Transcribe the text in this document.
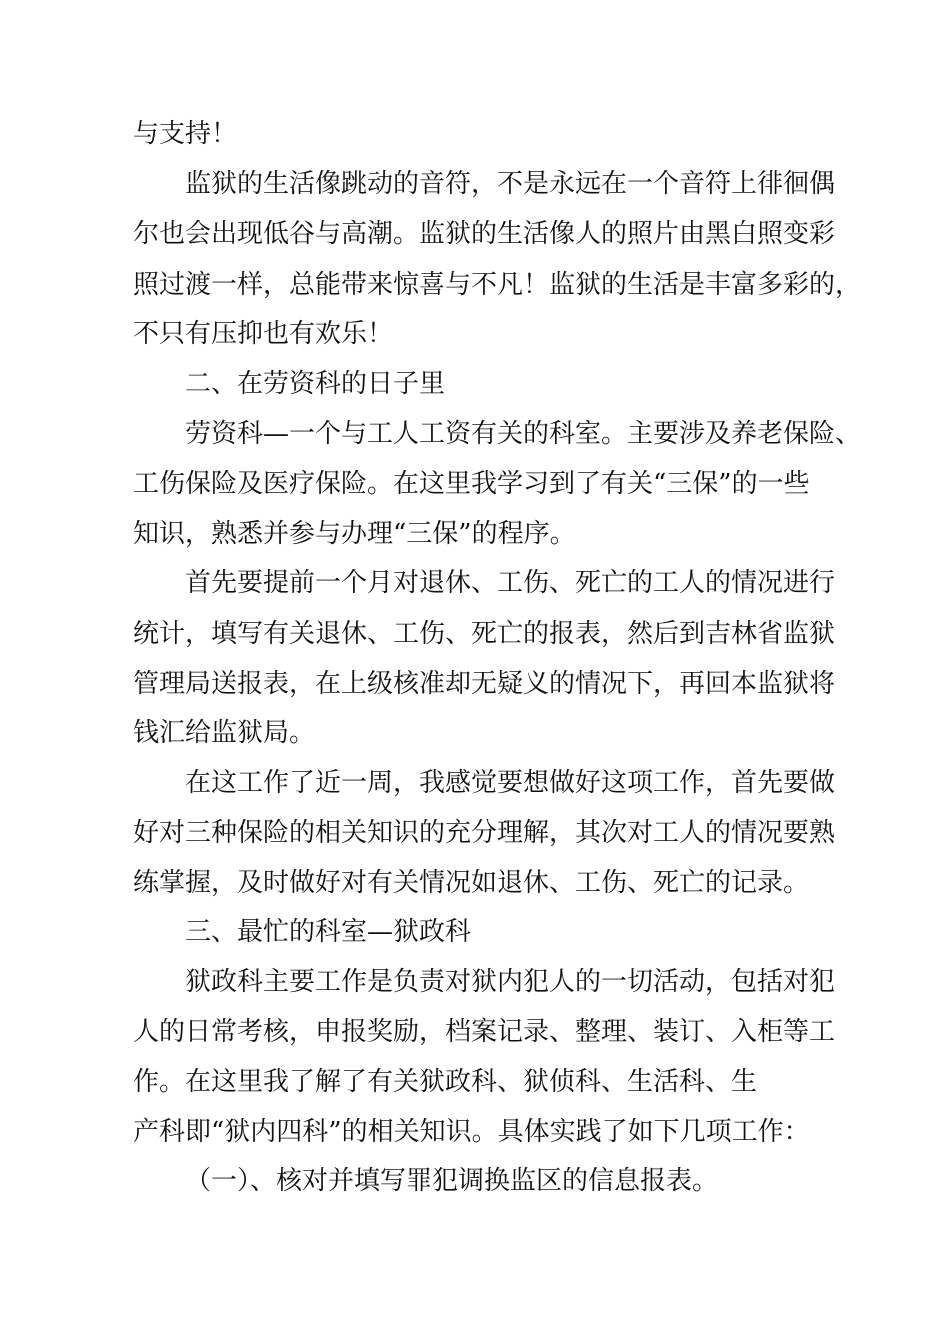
与支持！

监狱的生活像跳动的音符，不是永远在一个音符上徘徊偶

尔也会出现低谷与高潮。监狱的生活像人的照片由黑白照变彩

照过渡一样，总能带来惊喜与不凡！监狱的生活是丰富多彩的，

不只有压抑也有欢乐！

二、在劳资科的日子里

劳资科—一个与工人工资有关的科室。主要涉及养老保险、

工伤保险及医疗保险。在这里我学习到了有关“三保”的一些

知识，熟悉并参与办理“三保”的程序。

首先要提前一个月对退休、工伤、死亡的工人的情况进行

统计，填写有关退休、工伤、死亡的报表，然后到吉林省监狱

管理局送报表，在上级核准却无疑义的情况下，再回本监狱将

钱汇给监狱局。

在这工作了近一周，我感觉要想做好这项工作，首先要做

好对三种保险的相关知识的充分理解，其次对工人的情况要熟

练掌握，及时做好对有关情况如退休、工伤、死亡的记录。

三、最忙的科室—狱政科

狱政科主要工作是负责对狱内犯人的一切活动，包括对犯

人的日常考核，申报奖励，档案记录、整理、装订、入柜等工

作。在这里我了解了有关狱政科、狱侦科、生活科、生

产科即“狱内四科”的相关知识。具体实践了如下几项工作：

（一）、核对并填写罪犯调换监区的信息报表。
